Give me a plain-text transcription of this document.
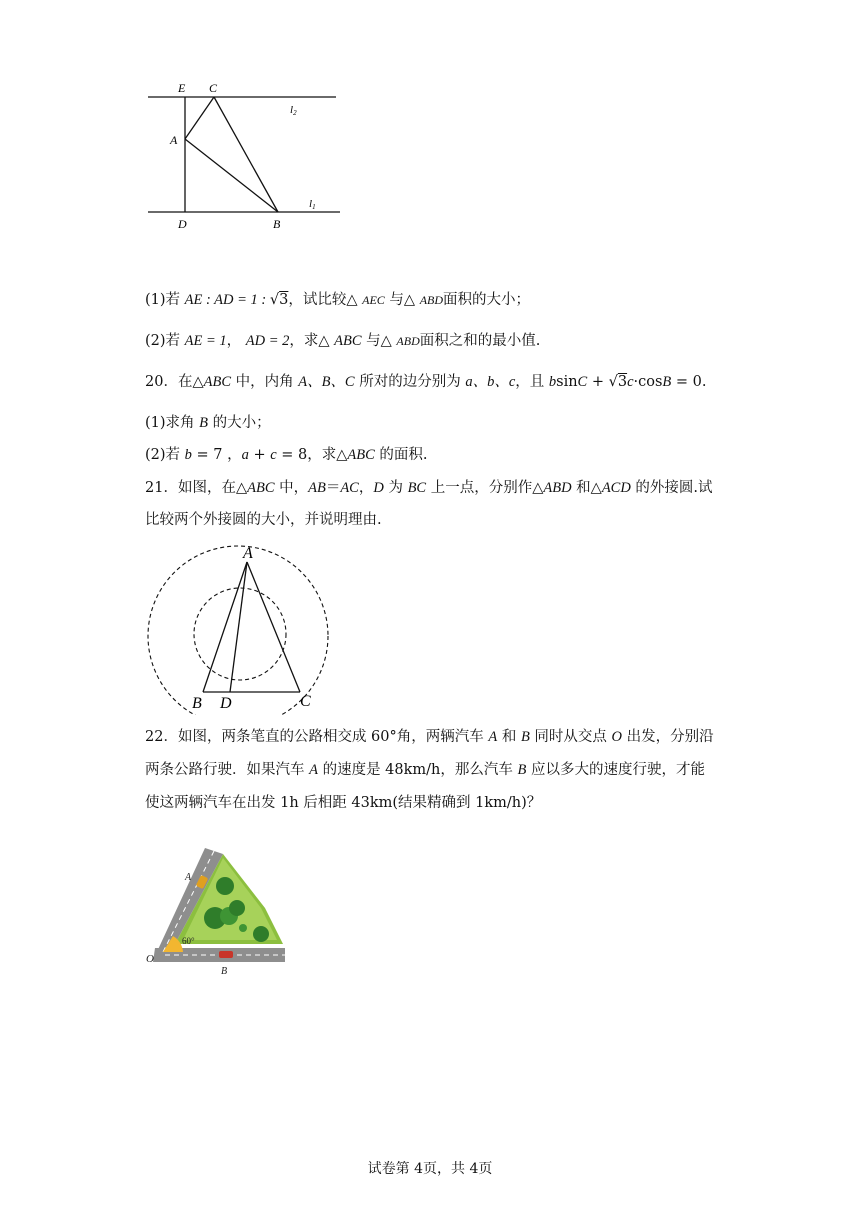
E C
A
D	B
l2
l1
(1)若 AE : AD = 1 : √3，试比较△ AEC 与△ ABD面积的大小；
(2)若 AE = 1， AD = 2，求△ ABC 与△ ABD面积之和的最小值.
20．在△ABC 中，内角 A、B、C 所对的边分别为 a、b、c，且 bsinC + √3c·cosB = 0.
(1)求角 B 的大小；
(2)若 b = 7 ，a + c = 8，求△ABC 的面积.
21．如图，在△ABC 中，AB＝AC，D 为 BC 上一点，分别作△ABD 和△ACD 的外接圆.试
比较两个外接圆的大小，并说明理由.
A
B D	C
22．如图，两条笔直的公路相交成 60°角，两辆汽车 A 和 B 同时从交点 O 出发，分别沿
两条公路行驶．如果汽车 A 的速度是 48km/h，那么汽车 B 应以多大的速度行驶，才能
使这两辆汽车在出发 1h 后相距 43km(结果精确到 1km/h)？
60°
A
O
B
试卷第 4页，共 4页
